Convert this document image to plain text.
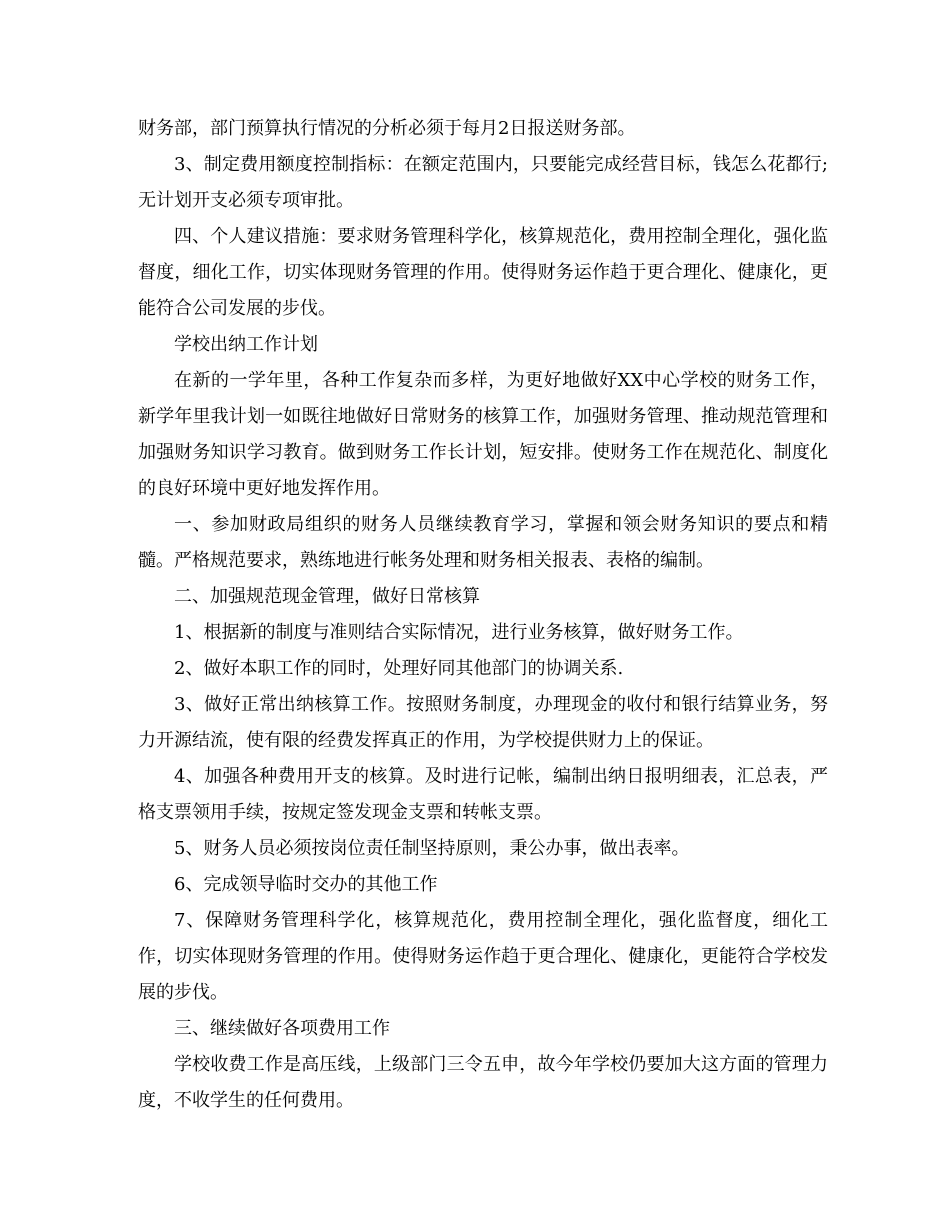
财务部，部门预算执行情况的分析必须于每月2日报送财务部。

3、制定费用额度控制指标：在额定范围内，只要能完成经营目标，钱怎么花都行;无计划开支必须专项审批。

四、个人建议措施：要求财务管理科学化，核算规范化，费用控制全理化，强化监督度，细化工作，切实体现财务管理的作用。使得财务运作趋于更合理化、健康化，更能符合公司发展的步伐。

学校出纳工作计划

在新的一学年里，各种工作复杂而多样，为更好地做好XX中心学校的财务工作，新学年里我计划一如既往地做好日常财务的核算工作，加强财务管理、推动规范管理和加强财务知识学习教育。做到财务工作长计划，短安排。使财务工作在规范化、制度化的良好环境中更好地发挥作用。

一、参加财政局组织的财务人员继续教育学习，掌握和领会财务知识的要点和精髓。严格规范要求，熟练地进行帐务处理和财务相关报表、表格的编制。

二、加强规范现金管理，做好日常核算

1、根据新的制度与准则结合实际情况，进行业务核算，做好财务工作。

2、做好本职工作的同时，处理好同其他部门的协调关系.

3、做好正常出纳核算工作。按照财务制度，办理现金的收付和银行结算业务，努力开源结流，使有限的经费发挥真正的作用，为学校提供财力上的保证。

4、加强各种费用开支的核算。及时进行记帐，编制出纳日报明细表，汇总表，严格支票领用手续，按规定签发现金支票和转帐支票。

5、财务人员必须按岗位责任制坚持原则，秉公办事，做出表率。

6、完成领导临时交办的其他工作

7、保障财务管理科学化，核算规范化，费用控制全理化，强化监督度，细化工作，切实体现财务管理的作用。使得财务运作趋于更合理化、健康化，更能符合学校发展的步伐。

三、继续做好各项费用工作

学校收费工作是高压线，上级部门三令五申，故今年学校仍要加大这方面的管理力度，不收学生的任何费用。
